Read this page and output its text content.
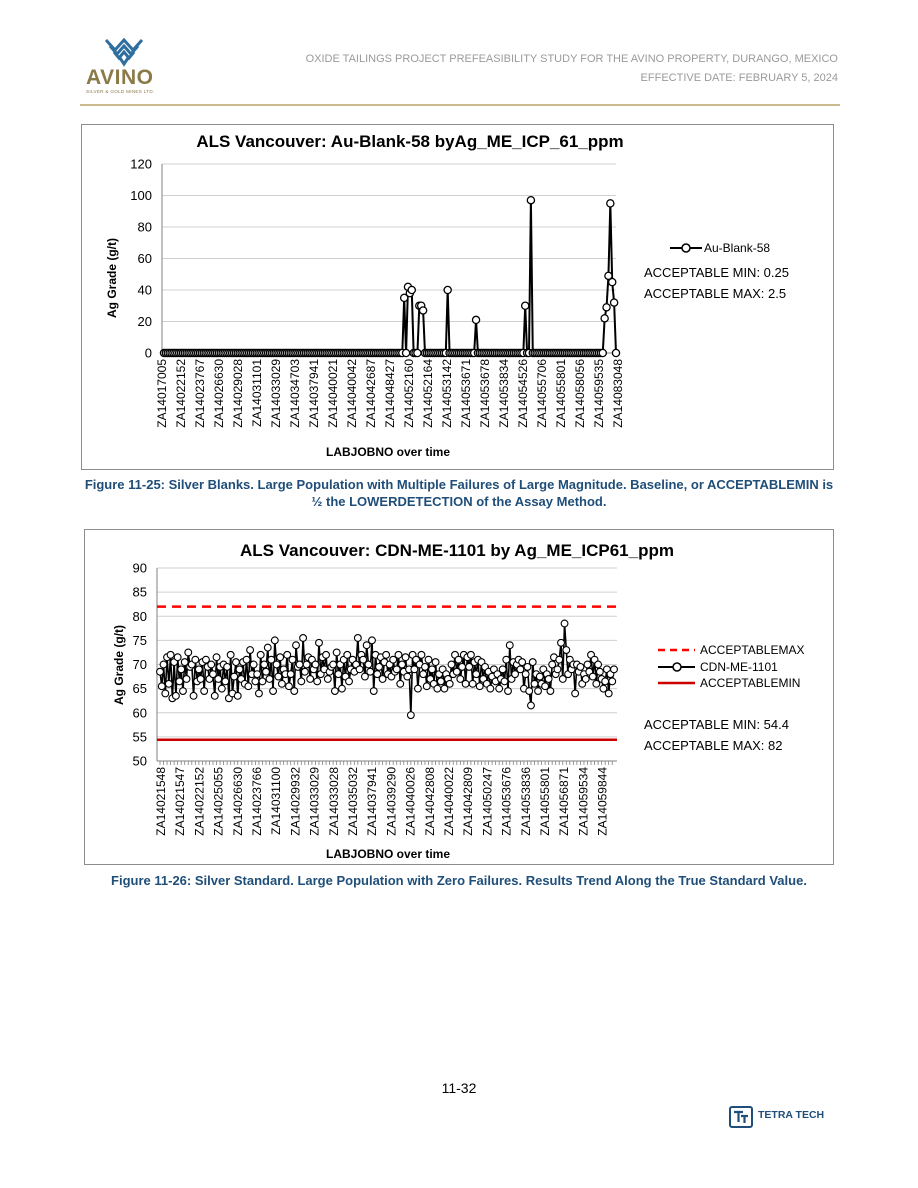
AVINO
SILVER & GOLD MINES LTD.
OXIDE TAILINGS PROJECT PREFEASIBILITY STUDY FOR THE AVINO PROPERTY, DURANGO, MEXICO
EFFECTIVE DATE: FEBRUARY 5, 2024
ALS Vancouver: Au-Blank-58 byAg_ME_ICP_61_ppm
Ag Grade (g/t)
LABJOBNO over time
0
20
40
60
80
100
120
ZA14017005 ZA14022152 ZA14023767 ZA14026630 ZA14029028 ZA14031101 ZA14033029 ZA14034703 ZA14037941 ZA14040021 ZA14040042 ZA14042687 ZA14048427 ZA14052160 ZA14052164 ZA14053142 ZA14053671 ZA14053678 ZA14053834 ZA14054526 ZA14055706 ZA14055801 ZA14058056 ZA14059535 ZA14083048
Au-Blank-58
ACCEPTABLE MIN: 0.25
ACCEPTABLE MAX: 2.5
Figure 11-25: Silver Blanks. Large Population with Multiple Failures of Large Magnitude. Baseline, or ACCEPTABLEMIN is ½ the LOWERDETECTION of the Assay Method.
ALS Vancouver: CDN-ME-1101 by Ag_ME_ICP61_ppm
Ag Grade (g/t)
LABJOBNO over time
50
55
60
65
70
75
80
85
90
ZA14021548 ZA14021547 ZA14022152 ZA14025055 ZA14026630 ZA14023766 ZA14031100 ZA14029932 ZA14033029 ZA14033028 ZA14035032 ZA14037941 ZA14039290 ZA14040026 ZA14042808 ZA14040022 ZA14042809 ZA14050247 ZA14053676 ZA14053836 ZA14055801 ZA14056871 ZA14059534 ZA14059844
ACCEPTABLEMAX
CDN-ME-1101
ACCEPTABLEMIN
ACCEPTABLE MIN: 54.4
ACCEPTABLE MAX: 82
Figure 11-26: Silver Standard. Large Population with Zero Failures. Results Trend Along the True Standard Value.
11-32
TETRA TECH
